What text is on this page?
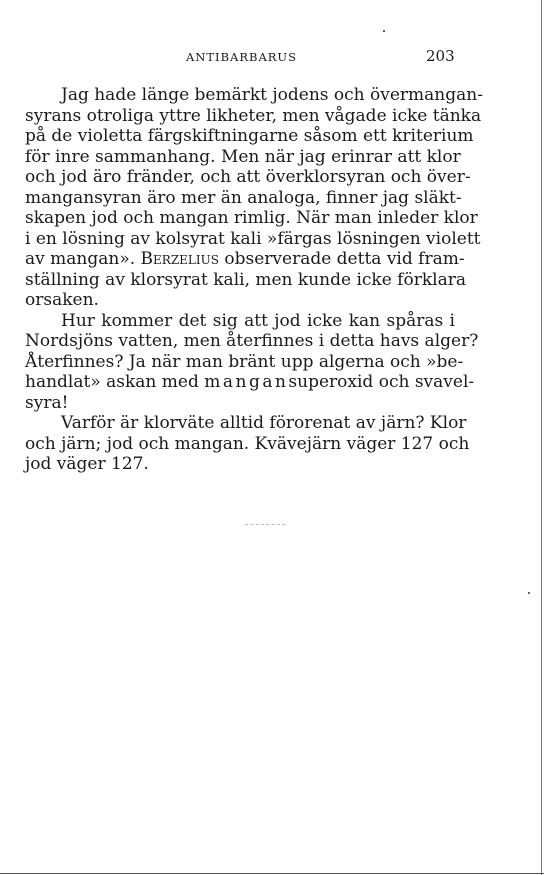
ANTIBARBARUS	203
Jag hade länge bemärkt jodens och övermangan-
syrans otroliga yttre likheter, men vågade icke tänka
på de violetta färgskiftningarne såsom ett kriterium
för inre sammanhang. Men när jag erinrar att klor
och jod äro fränder, och att överklorsyran och över-
mangansyran äro mer än analoga, finner jag släkt-
skapen jod och mangan rimlig. När man inleder klor
i en lösning av kolsyrat kali »färgas lösningen violett
av mangan». Berzelius observerade detta vid fram-
ställning av klorsyrat kali, men kunde icke förklara
orsaken.
Hur kommer det sig att jod icke kan spåras i
Nordsjöns vatten, men återfinnes i detta havs alger?
Återfinnes? Ja när man bränt upp algerna och »be-
handlat» askan med mangansuperoxid och svavel-
syra!
Varför är klorväte alltid förorenat av järn? Klor
och järn; jod och mangan. Kvävejärn väger 127 och
jod väger 127.
